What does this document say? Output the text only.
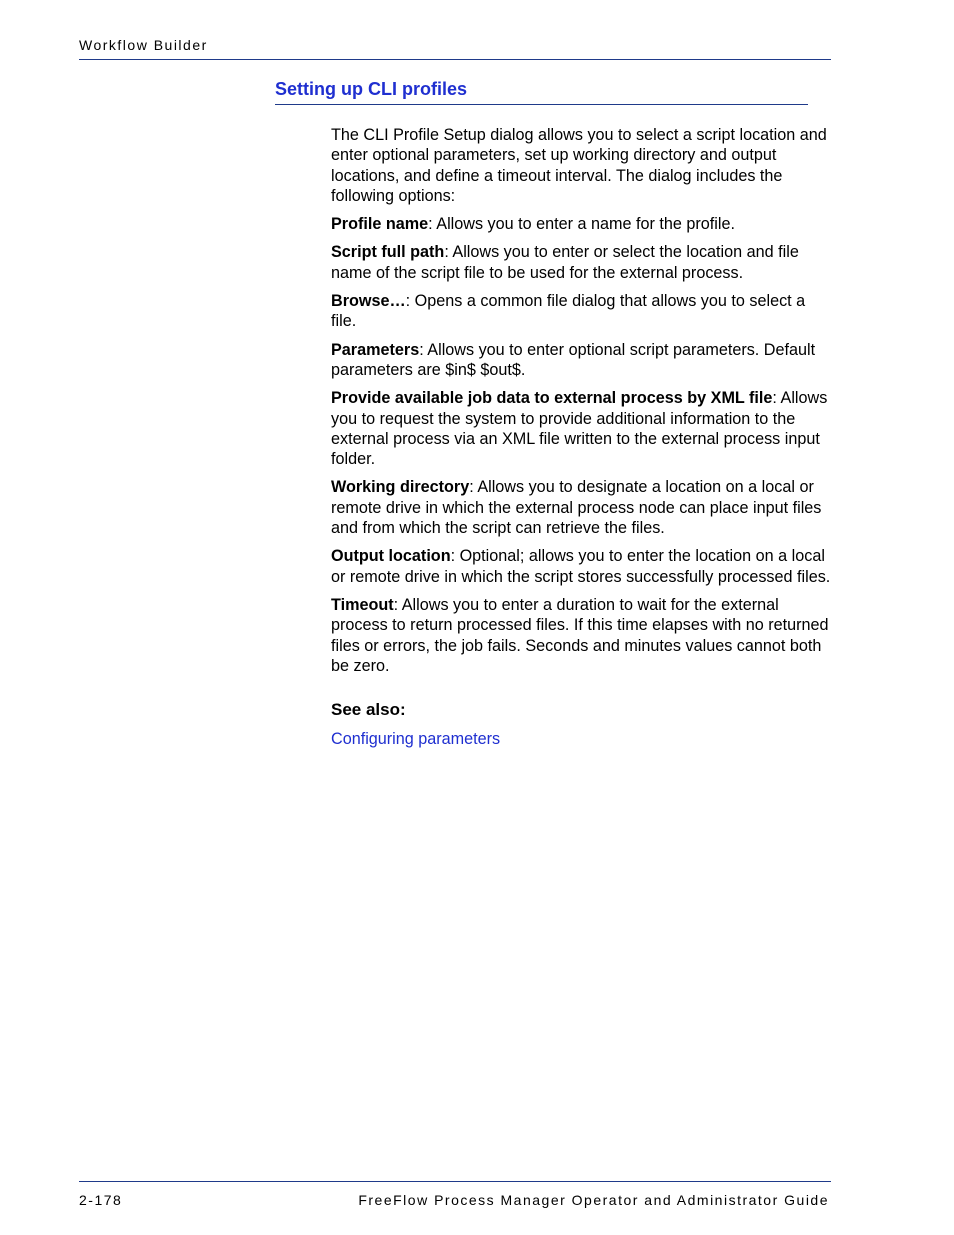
Workflow Builder
Setting up CLI profiles

The CLI Profile Setup dialog allows you to select a script location and enter optional parameters, set up working directory and output locations, and define a timeout interval. The dialog includes the following options:

Profile name: Allows you to enter a name for the profile.

Script full path: Allows you to enter or select the location and file name of the script file to be used for the external process.

Browse…: Opens a common file dialog that allows you to select a file.

Parameters: Allows you to enter optional script parameters. Default parameters are $in$ $out$.

Provide available job data to external process by XML file: Allows you to request the system to provide additional information to the external process via an XML file written to the external process input folder.

Working directory: Allows you to designate a location on a local or remote drive in which the external process node can place input files and from which the script can retrieve the files.

Output location: Optional; allows you to enter the location on a local or remote drive in which the script stores successfully processed files.

Timeout: Allows you to enter a duration to wait for the external process to return processed files. If this time elapses with no returned files or errors, the job fails. Seconds and minutes values cannot both be zero.

See also:
Configuring parameters
2-178	FreeFlow Process Manager Operator and Administrator Guide
